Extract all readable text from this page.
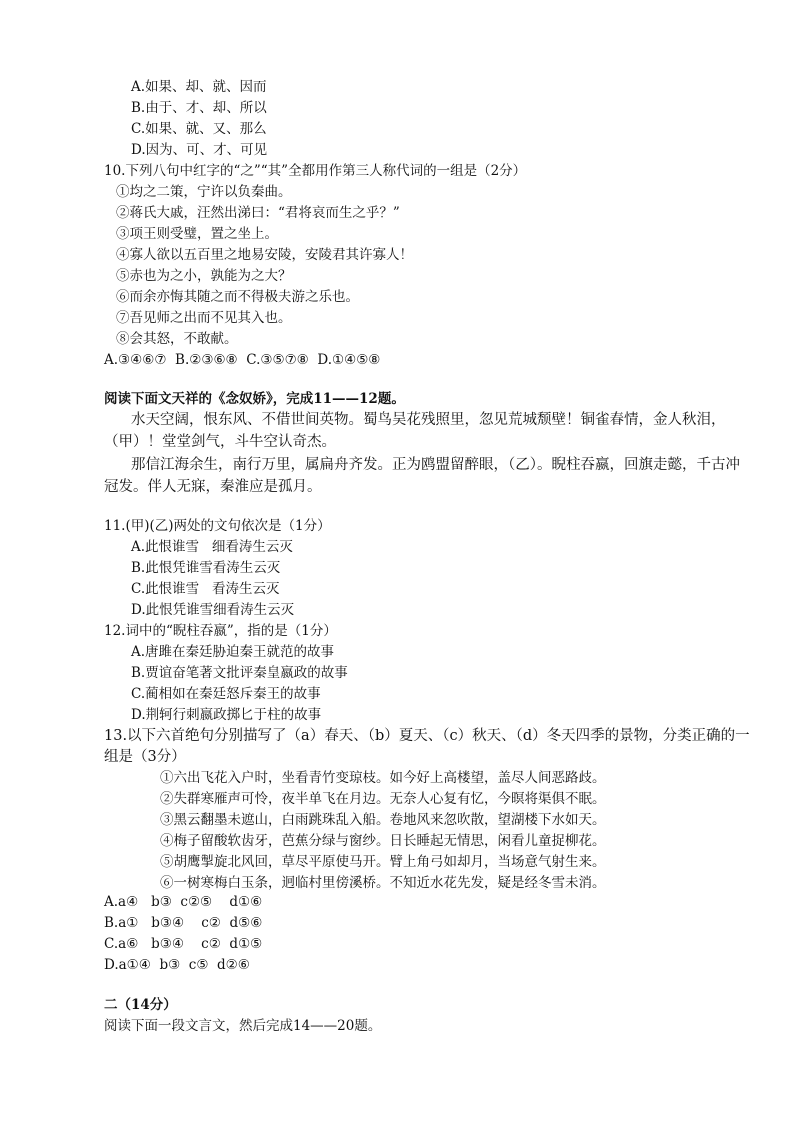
A.如果、却、就、因而
B.由于、才、却、所以
C.如果、就、又、那么
D.因为、可、才、可见
10.下列八句中红字的“之”“其”全都用作第三人称代词的一组是（2分）
①均之二策，宁许以负秦曲。
②蒋氏大戚，汪然出涕曰：“君将哀而生之乎？”
③项王则受璧，置之坐上。
④寡人欲以五百里之地易安陵，安陵君其许寡人！
⑤赤也为之小，孰能为之大？
⑥而余亦悔其随之而不得极夫游之乐也。
⑦吾见师之出而不见其入也。
⑧会其怒，不敢献。
A.③④⑥⑦  B.②③⑥⑧  C.③⑤⑦⑧  D.①④⑤⑧
阅读下面文天祥的《念奴娇》，完成11——12题。
水天空阔，恨东风、不借世间英物。蜀鸟吴花残照里，忽见荒城颓壁！铜雀春情，金人秋泪，
（甲）！堂堂剑气，斗牛空认奇杰。
那信江海余生，南行万里，属扁舟齐发。正为鸥盟留醉眼，（乙）。睨柱吞嬴，回旗走懿，千古冲
冠发。伴人无寐，秦淮应是孤月。
11.(甲)(乙)两处的文句依次是（1分）
A.此恨谁雪   细看涛生云灭
B.此恨凭谁雪看涛生云灭
C.此恨谁雪   看涛生云灭
D.此恨凭谁雪细看涛生云灭
12.词中的“睨柱吞嬴”，指的是（1分）
A.唐雎在秦廷胁迫秦王就范的故事
B.贾谊奋笔著文批评秦皇嬴政的故事
C.蔺相如在秦廷怒斥秦王的故事
D.荆轲行刺嬴政掷匕于柱的故事
13.以下六首绝句分别描写了（a）春天、（b）夏天、（c）秋天、（d）冬天四季的景物，分类正确的一
组是（3分）
①六出飞花入户时，坐看青竹变琼枝。如今好上高楼望，盖尽人间恶路歧。
②失群寒雁声可怜，夜半单飞在月边。无奈人心复有忆，今暝将渠俱不眠。
③黑云翻墨未遮山，白雨跳珠乱入船。卷地风来忽吹散，望湖楼下水如天。
④梅子留酸软齿牙，芭蕉分绿与窗纱。日长睡起无情思，闲看儿童捉柳花。
⑤胡鹰掣旋北风回，草尽平原使马开。臂上角弓如却月，当场意气射生来。
⑥一树寒梅白玉条，迥临村里傍溪桥。不知近水花先发，疑是经冬雪未消。
A.a④   b③  c②⑤    d①⑥
B.a①   b③④    c②  d⑤⑥
C.a⑥   b③④    c②  d①⑤
D.a①④  b③  c⑤  d②⑥
二（14分）
阅读下面一段文言文，然后完成14——20题。
